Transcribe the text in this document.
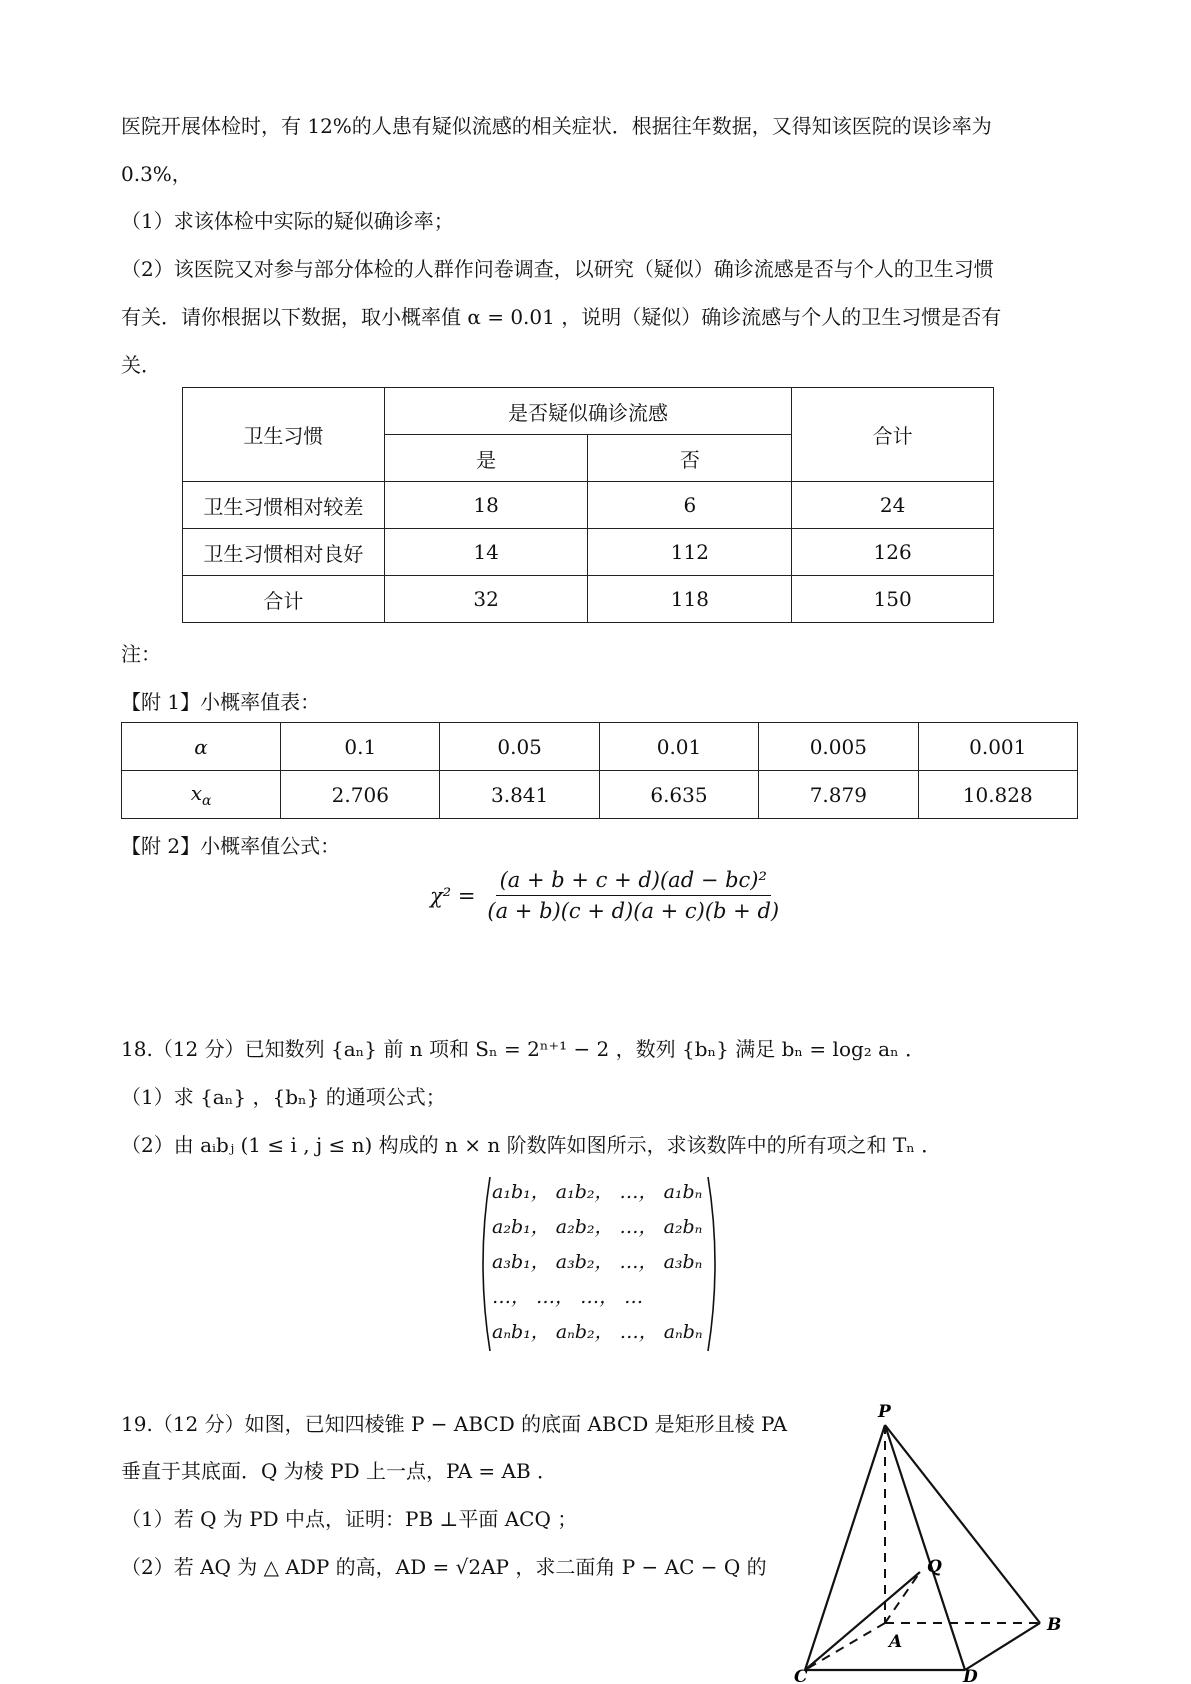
医院开展体检时，有 12%的人患有疑似流感的相关症状．根据往年数据，又得知该医院的误诊率为
0.3%，
（1）求该体检中实际的疑似确诊率；
（2）该医院又对参与部分体检的人群作问卷调查，以研究（疑似）确诊流感是否与个人的卫生习惯
有关．请你根据以下数据，取小概率值 α = 0.01 ，说明（疑似）确诊流感与个人的卫生习惯是否有
关．
卫生习惯	是否疑似确诊流感		合计
	是	否	
卫生习惯相对较差	18	6	24
卫生习惯相对良好	14	112	126
合计	32	118	150
注：
【附 1】小概率值表：
α	0.1	0.05	0.01	0.005	0.001
$x_\alpha$	2.706	3.841	6.635	7.879	10.828
【附 2】小概率值公式：
$\chi^2 = \frac{\text{(a + b + c + d)(ad − bc)²}}{(a + b)(c + d)(a + c)(b + d)}$
18.（12 分）已知数列 {aₙ} 前 n 项和 Sₙ = 2ⁿ⁺¹ − 2 ，数列 {bₙ} 满足 bₙ = log₂ aₙ ．
（1）求 {aₙ} ，{bₙ} 的通项公式；
（2）由 aᵢbⱼ (1 ≤ i , j ≤ n) 构成的 n × n 阶数阵如图所示，求该数阵中的所有项之和 Tₙ ．
a₁b₁， a₁b₂， …， a₁bₙ
a₂b₁， a₂b₂， …， a₂bₙ
a₃b₁， a₃b₂， …， a₃bₙ
…， …， …， …
aₙb₁， aₙb₂， …， aₙbₙ
19.（12 分）如图，已知四棱锥 P − ABCD 的底面 ABCD 是矩形且棱 PA
垂直于其底面．Q 为棱 PD 上一点，PA = AB ．
（1）若 Q 为 PD 中点，证明：PB ⊥平面 ACQ ；
（2）若 AQ 为 △ ADP 的高，AD = √2AP ，求二面角 P − AC − Q 的
P
Q
A
B
C	D
